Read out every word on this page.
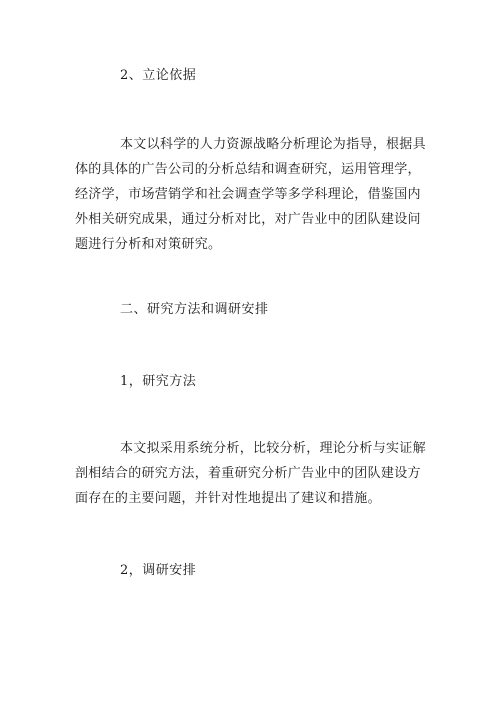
2、立论依据
本文以科学的人力资源战略分析理论为指导，根据具
体的具体的广告公司的分析总结和调查研究，运用管理学，
经济学，市场营销学和社会调查学等多学科理论，借鉴国内
外相关研究成果，通过分析对比，对广告业中的团队建设问
题进行分析和对策研究。
二、研究方法和调研安排
1，研究方法
本文拟采用系统分析，比较分析，理论分析与实证解
剖相结合的研究方法，着重研究分析广告业中的团队建设方
面存在的主要问题，并针对性地提出了建议和措施。
2，调研安排
